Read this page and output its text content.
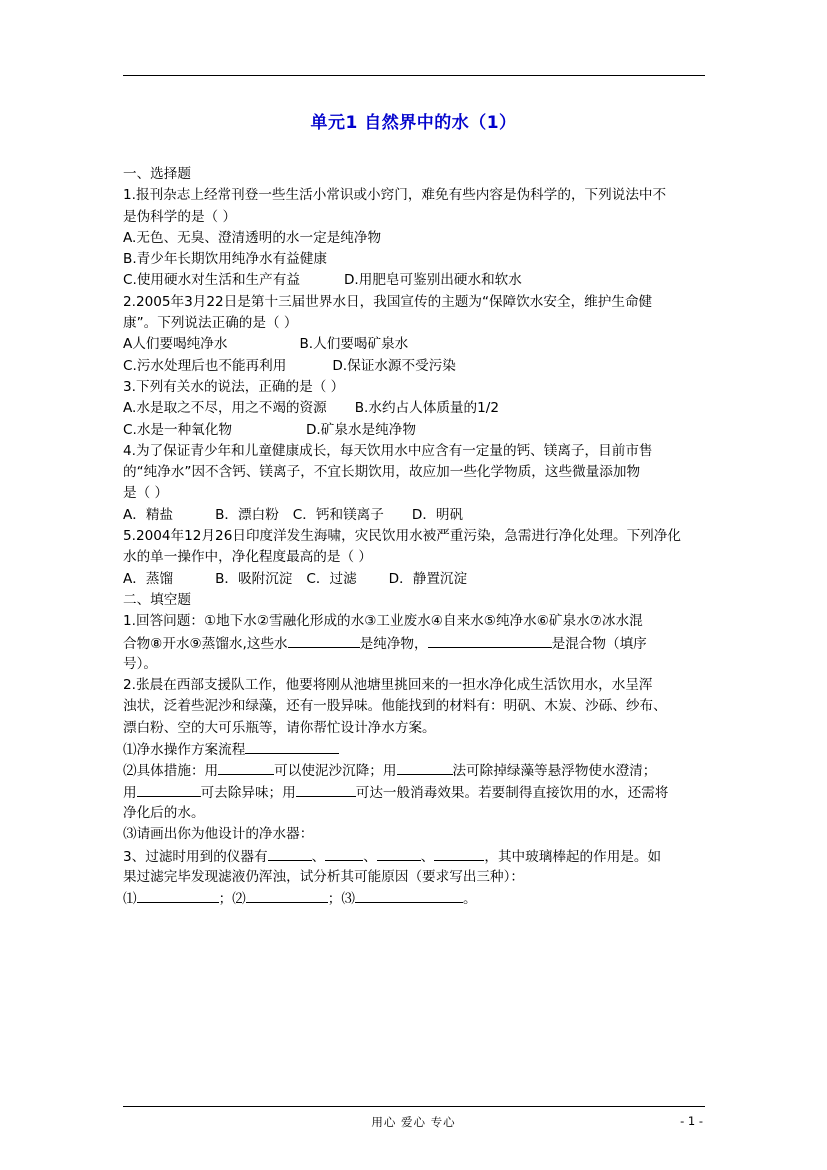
单元1 自然界中的水（1）
一、选择题
1.报刊杂志上经常刊登一些生活小常识或小窍门，难免有些内容是伪科学的，下列说法中不
是伪科学的是（ ）
A.无色、无臭、澄清透明的水一定是纯净物
B.青少年长期饮用纯净水有益健康
C.使用硬水对生活和生产有益	D.用肥皂可鉴别出硬水和软水
2.2005年3月22日是第十三届世界水日，我国宣传的主题为“保障饮水安全，维护生命健
康”。下列说法正确的是（ ）
A人们要喝纯净水	B.人们要喝矿泉水
C.污水处理后也不能再利用	D.保证水源不受污染
3.下列有关水的说法，正确的是（ ）
A.水是取之不尽，用之不竭的资源 B.水约占人体质量的1/2
C.水是一种氧化物	D.矿泉水是纯净物
4.为了保证青少年和儿童健康成长，每天饮用水中应含有一定量的钙、镁离子，目前市售
的“纯净水”因不含钙、镁离子，不宜长期饮用，故应加一些化学物质，这些微量添加物
是（ ）
A．精盐	B．漂白粉 C．钙和镁离子 D．明矾
5.2004年12月26日印度洋发生海啸，灾民饮用水被严重污染，急需进行净化处理。下列净化
水的单一操作中，净化程度最高的是（ ）
A．蒸馏	B．吸附沉淀 C．过滤 D．静置沉淀
二、填空题
1.回答问题：①地下水②雪融化形成的水③工业废水④自来水⑤纯净水⑥矿泉水⑦冰水混
合物⑧开水⑨蒸馏水,这些水	是纯净物，	是混合物（填序
号）。
2.张晨在西部支援队工作，他要将刚从池塘里挑回来的一担水净化成生活饮用水，水呈浑
浊状，泛着些泥沙和绿藻，还有一股异味。他能找到的材料有：明矾、木炭、沙砾、纱布、
漂白粉、空的大可乐瓶等，请你帮忙设计净水方案。
⑴净水操作方案流程
⑵具体措施：用	可以使泥沙沉降；用	法可除掉绿藻等悬浮物使水澄清；
用	可去除异味；用	可达一般消毒效果。若要制得直接饮用的水，还需将
净化后的水。
⑶请画出你为他设计的净水器：
3、过滤时用到的仪器有	、	、	、	，其中玻璃棒起的作用是。如
果过滤完毕发现滤液仍浑浊，试分析其可能原因（要求写出三种）：
⑴	；⑵	；⑶	。
用心 爱心 专心	- 1 -
